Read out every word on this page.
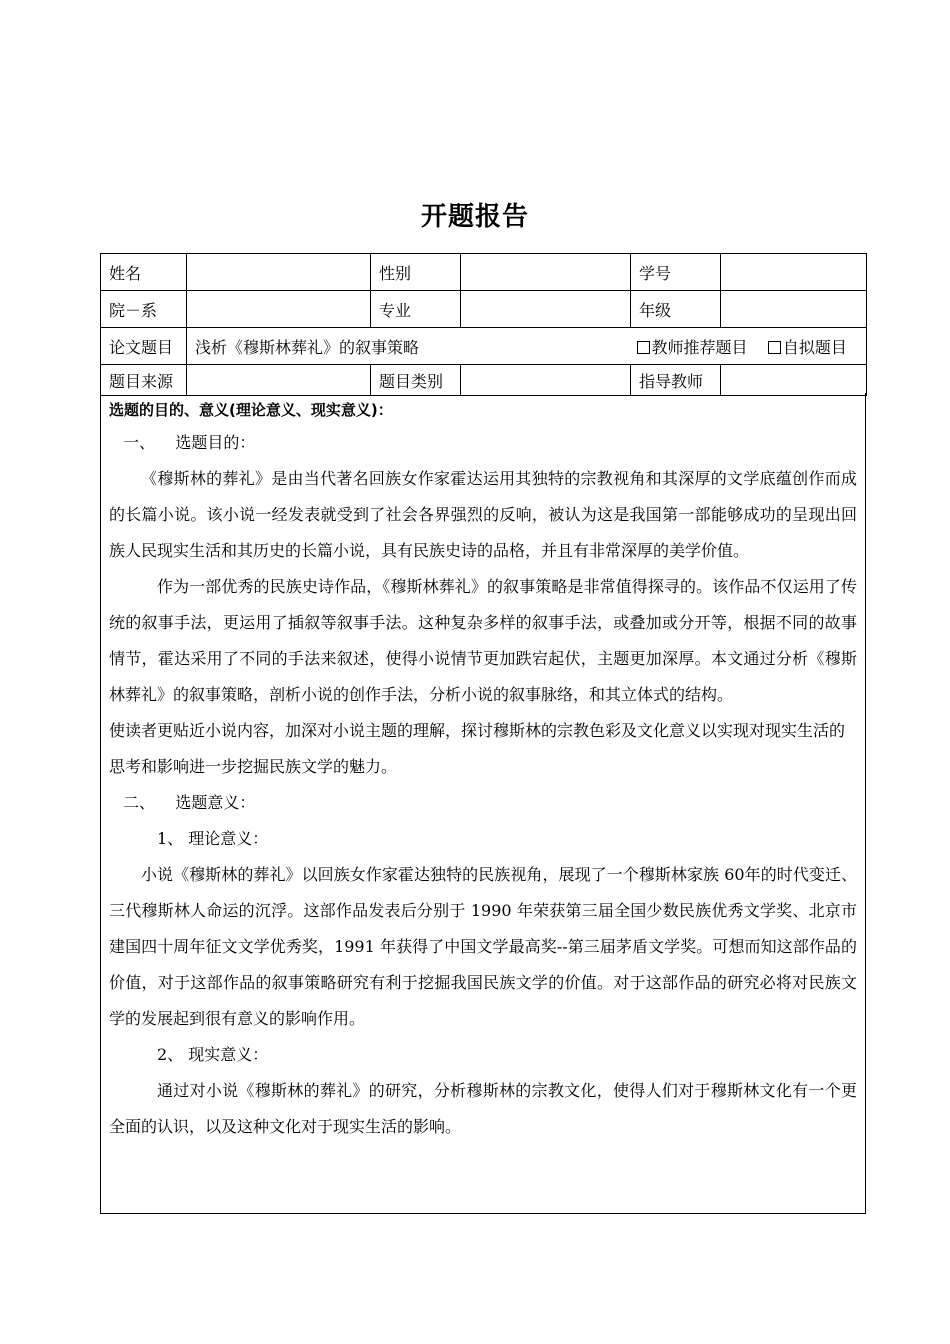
开题报告
姓名		性别		学号	
院－系		专业		年级	
论文题目	浅析《穆斯林葬礼》的叙事策略			教师推荐题目 自拟题目	
题目来源		题目类别		指导教师	

选题的目的、意义(理论意义、现实意义)：

一、    选题目的：

《穆斯林的葬礼》是由当代著名回族女作家霍达运用其独特的宗教视角和其深厚的文学底蕴创作而成的长篇小说。该小说一经发表就受到了社会各界强烈的反响，被认为这是我国第一部能够成功的呈现出回族人民现实生活和其历史的长篇小说，具有民族史诗的品格，并且有非常深厚的美学价值。

作为一部优秀的民族史诗作品，《穆斯林葬礼》的叙事策略是非常值得探寻的。该作品不仅运用了传统的叙事手法，更运用了插叙等叙事手法。这种复杂多样的叙事手法，或叠加或分开等，根据不同的故事情节，霍达采用了不同的手法来叙述，使得小说情节更加跌宕起伏，主题更加深厚。本文通过分析《穆斯林葬礼》的叙事策略，剖析小说的创作手法，分析小说的叙事脉络，和其立体式的结构。

使读者更贴近小说内容，加深对小说主题的理解，探讨穆斯林的宗教色彩及文化意义以实现对现实生活的思考和影响进一步挖掘民族文学的魅力。

二、    选题意义：

1、 理论意义：

小说《穆斯林的葬礼》以回族女作家霍达独特的民族视角，展现了一个穆斯林家族 60年的时代变迁、三代穆斯林人命运的沉浮。这部作品发表后分别于 1990 年荣获第三届全国少数民族优秀文学奖、北京市建国四十周年征文文学优秀奖，1991 年获得了中国文学最高奖--第三届茅盾文学奖。可想而知这部作品的价值，对于这部作品的叙事策略研究有利于挖掘我国民族文学的价值。对于这部作品的研究必将对民族文学的发展起到很有意义的影响作用。

2、 现实意义：

通过对小说《穆斯林的葬礼》的研究，分析穆斯林的宗教文化，使得人们对于穆斯林文化有一个更全面的认识，以及这种文化对于现实生活的影响。
